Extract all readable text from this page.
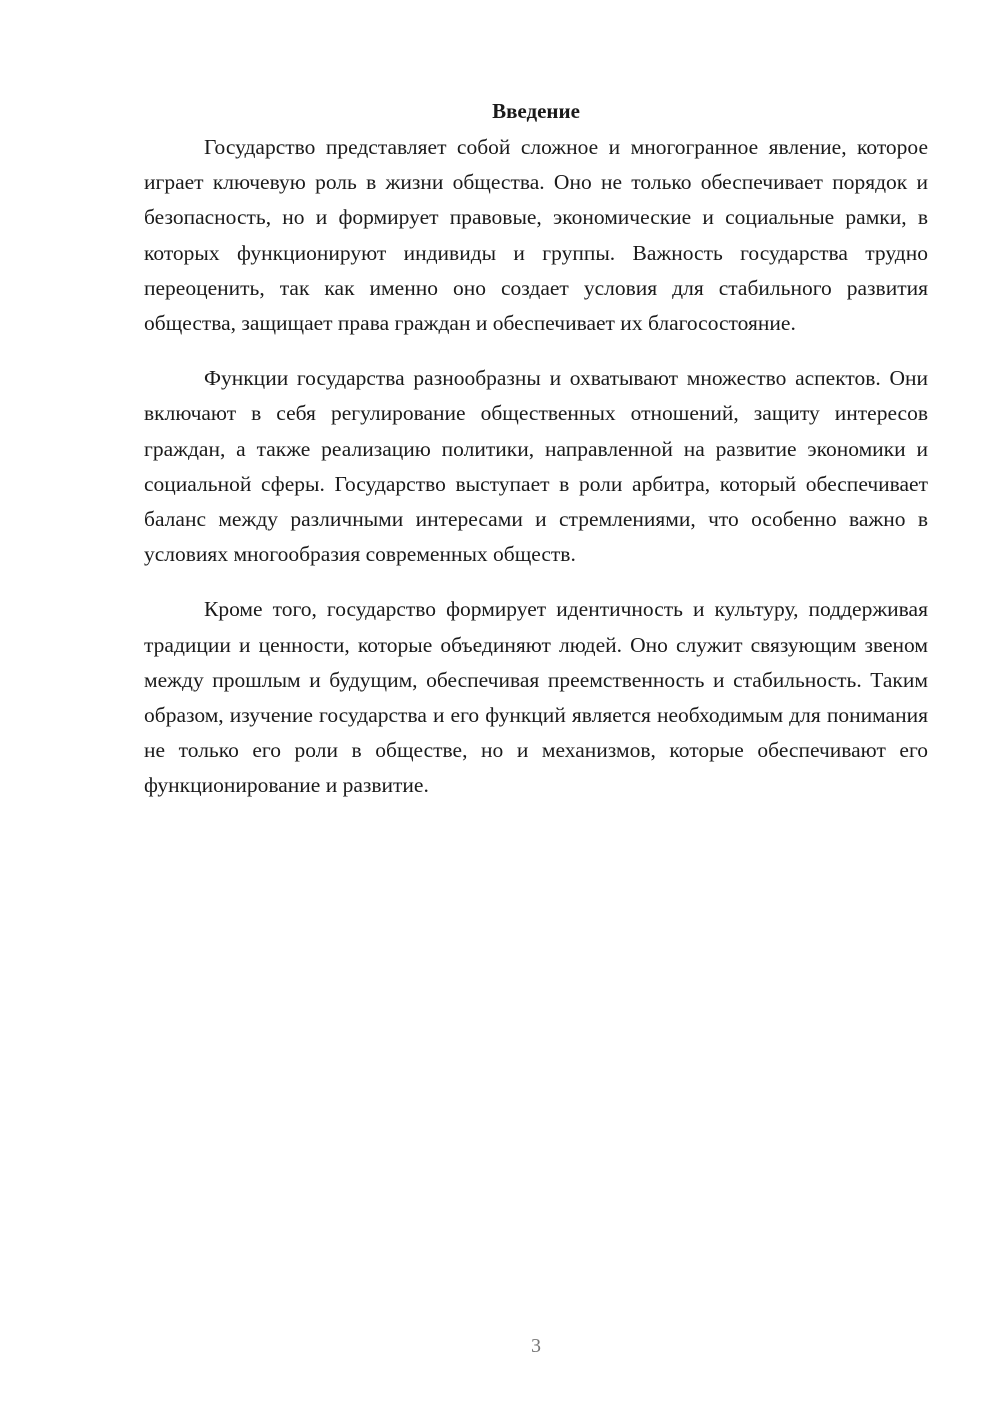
Введение

Государство представляет собой сложное и многогранное явление, которое играет ключевую роль в жизни общества. Оно не только обеспечивает порядок и безопасность, но и формирует правовые, экономические и социальные рамки, в которых функционируют индивиды и группы. Важность государства трудно переоценить, так как именно оно создает условия для стабильного развития общества, защищает права граждан и обеспечивает их благосостояние.

Функции государства разнообразны и охватывают множество аспектов. Они включают в себя регулирование общественных отношений, защиту интересов граждан, а также реализацию политики, направленной на развитие экономики и социальной сферы. Государство выступает в роли арбитра, который обеспечивает баланс между различными интересами и стремлениями, что особенно важно в условиях многообразия современных обществ.

Кроме того, государство формирует идентичность и культуру, поддерживая традиции и ценности, которые объединяют людей. Оно служит связующим звеном между прошлым и будущим, обеспечивая преемственность и стабильность. Таким образом, изучение государства и его функций является необходимым для понимания не только его роли в обществе, но и механизмов, которые обеспечивают его функционирование и развитие.

3
